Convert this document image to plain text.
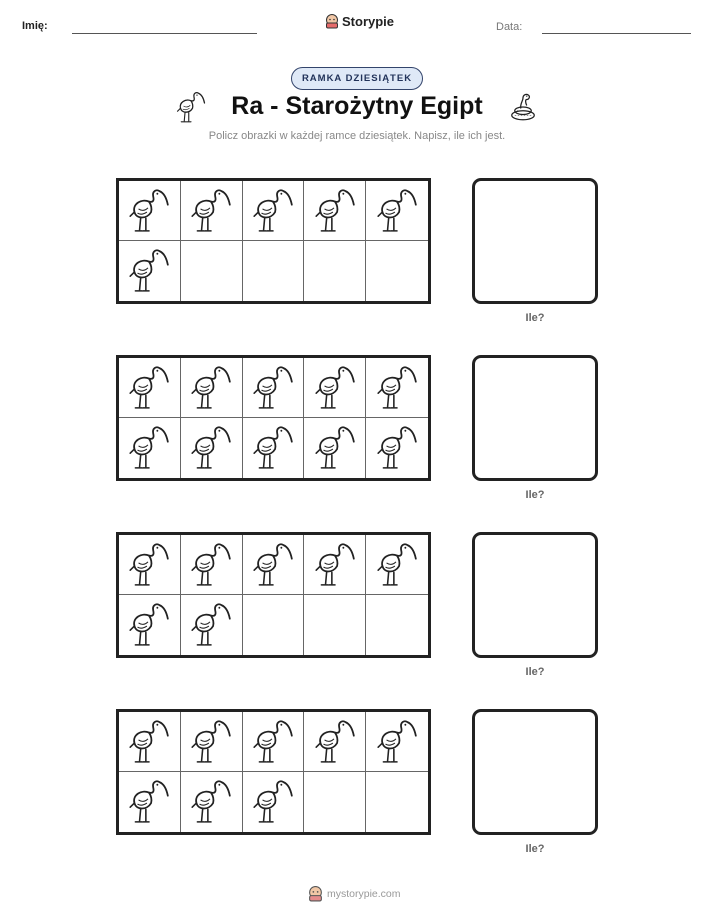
Imię:	Storypie	Data:
RAMKA DZIESIĄTEK
Ra - Starożytny Egipt
Policz obrazki w każdej ramce dziesiątek. Napisz, ile ich jest.
Ile?
Ile?
Ile?
Ile?
mystorypie.com
